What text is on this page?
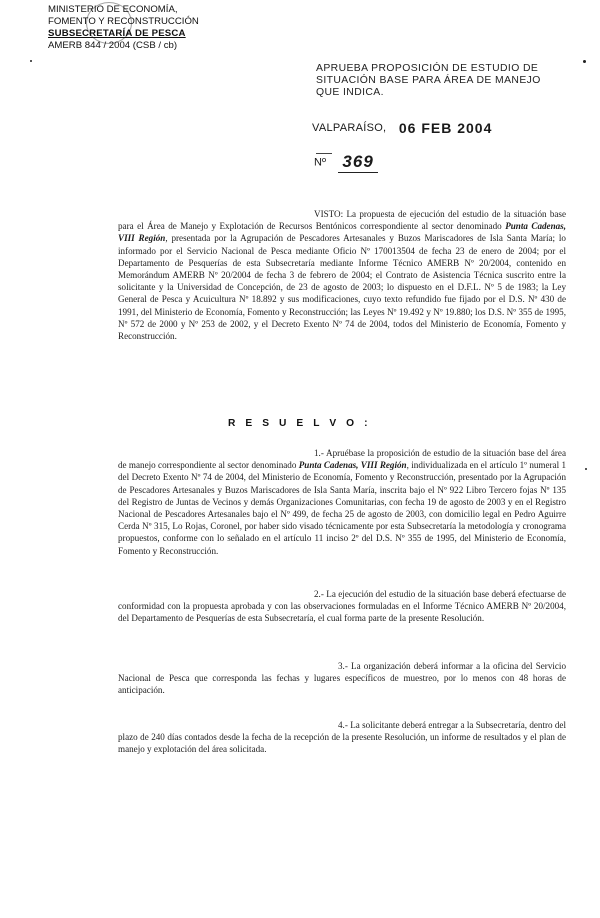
MINISTERIO DE ECONOMÍA,
FOMENTO Y RECONSTRUCCIÓN
SUBSECRETARÍA DE PESCA
AMERB 844 / 2004 (CSB / cb)
APRUEBA PROPOSICIÓN DE ESTUDIO DE SITUACIÓN BASE PARA ÁREA DE MANEJO QUE INDICA.
VALPARAÍSO, 06 FEB 2004
Nº 369
VISTO: La propuesta de ejecución del estudio de la situación base para el Área de Manejo y Explotación de Recursos Bentónicos correspondiente al sector denominado Punta Cadenas, VIII Región, presentada por la Agrupación de Pescadores Artesanales y Buzos Mariscadores de Isla Santa María; lo informado por el Servicio Nacional de Pesca mediante Oficio Nº 170013504 de fecha 23 de enero de 2004; por el Departamento de Pesquerías de esta Subsecretaría mediante Informe Técnico AMERB Nº 20/2004, contenido en Memorándum AMERB Nº 20/2004 de fecha 3 de febrero de 2004; el Contrato de Asistencia Técnica suscrito entre la solicitante y la Universidad de Concepción, de 23 de agosto de 2003; lo dispuesto en el D.F.L. Nº 5 de 1983; la Ley General de Pesca y Acuicultura Nº 18.892 y sus modificaciones, cuyo texto refundido fue fijado por el D.S. Nº 430 de 1991, del Ministerio de Economía, Fomento y Reconstrucción; las Leyes Nº 19.492 y Nº 19.880; los D.S. Nº 355 de 1995, Nº 572 de 2000 y Nº 253 de 2002, y el Decreto Exento Nº 74 de 2004, todos del Ministerio de Economía, Fomento y Reconstrucción.
R E S U E L V O :
1.- Apruébase la proposición de estudio de la situación base del área de manejo correspondiente al sector denominado Punta Cadenas, VIII Región, individualizada en el artículo 1º numeral 1 del Decreto Exento Nº 74 de 2004, del Ministerio de Economía, Fomento y Reconstrucción, presentado por la Agrupación de Pescadores Artesanales y Buzos Mariscadores de Isla Santa María, inscrita bajo el Nº 922 Libro Tercero fojas Nº 135 del Registro de Juntas de Vecinos y demás Organizaciones Comunitarias, con fecha 19 de agosto de 2003 y en el Registro Nacional de Pescadores Artesanales bajo el Nº 499, de fecha 25 de agosto de 2003, con domicilio legal en Pedro Aguirre Cerda Nº 315, Lo Rojas, Coronel, por haber sido visado técnicamente por esta Subsecretaría la metodología y cronograma propuestos, conforme con lo señalado en el artículo 11 inciso 2º del D.S. Nº 355 de 1995, del Ministerio de Economía, Fomento y Reconstrucción.
2.- La ejecución del estudio de la situación base deberá efectuarse de conformidad con la propuesta aprobada y con las observaciones formuladas en el Informe Técnico AMERB Nº 20/2004, del Departamento de Pesquerías de esta Subsecretaría, el cual forma parte de la presente Resolución.
3.- La organización deberá informar a la oficina del Servicio Nacional de Pesca que corresponda las fechas y lugares específicos de muestreo, por lo menos con 48 horas de anticipación.
4.- La solicitante deberá entregar a la Subsecretaría, dentro del plazo de 240 días contados desde la fecha de la recepción de la presente Resolución, un informe de resultados y el plan de manejo y explotación del área solicitada.
